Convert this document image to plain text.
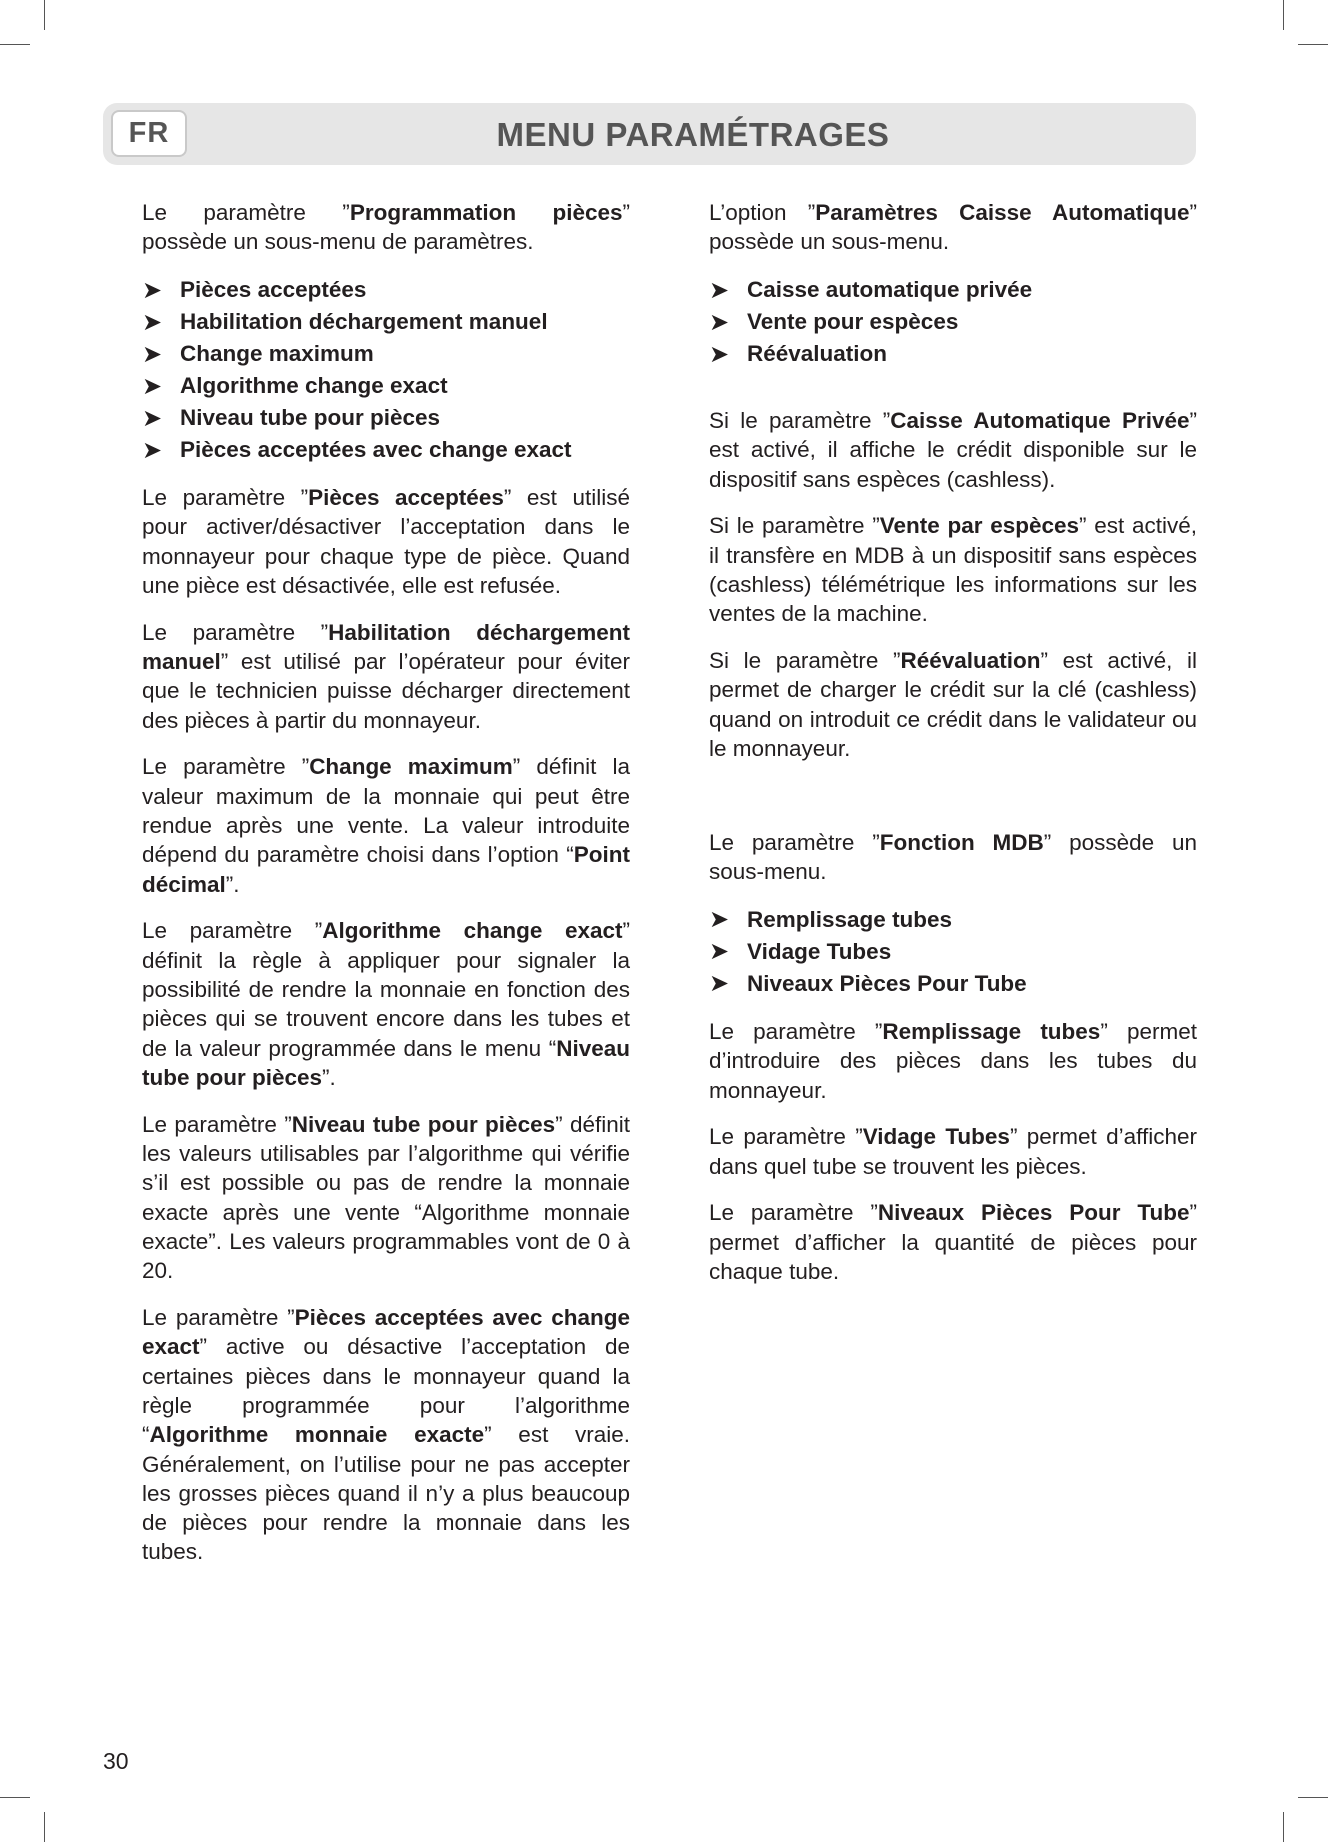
FR	MENU PARAMÉTRAGES

Le paramètre ”Programmation pièces” possède un sous-menu de paramètres.

➤ Pièces acceptées
➤ Habilitation déchargement manuel
➤ Change maximum
➤ Algorithme change exact
➤ Niveau tube pour pièces
➤ Pièces acceptées avec change exact

Le paramètre ”Pièces acceptées” est utilisé pour activer/désactiver l’acceptation dans le monnayeur pour chaque type de pièce. Quand une pièce est désactivée, elle est refusée.

Le paramètre ”Habilitation déchargement manuel” est utilisé par l’opérateur pour éviter que le technicien puisse décharger directement des pièces à partir du monnayeur.

Le paramètre ”Change maximum” définit la valeur maximum de la monnaie qui peut être rendue après une vente. La valeur introduite dépend du paramètre choisi dans l’option “Point décimal”.

Le paramètre ”Algorithme change exact” définit la règle à appliquer pour signaler la possibilité de rendre la monnaie en fonction des pièces qui se trouvent encore dans les tubes et de la valeur programmée dans le menu “Niveau tube pour pièces”.

Le paramètre ”Niveau tube pour pièces” définit les valeurs utilisables par l’algorithme qui vérifie s’il est possible ou pas de rendre la monnaie exacte après une vente “Algorithme monnaie exacte”. Les valeurs programmables vont de 0 à 20.

Le paramètre ”Pièces acceptées avec change exact” active ou désactive l’acceptation de certaines pièces dans le monnayeur quand la règle programmée pour l’algorithme “Algorithme monnaie exacte” est vraie. Généralement, on l’utilise pour ne pas accepter les grosses pièces quand il n’y a plus beaucoup de pièces pour rendre la monnaie dans les tubes.

L’option ”Paramètres Caisse Automatique” possède un sous-menu.

➤ Caisse automatique privée
➤ Vente pour espèces
➤ Réévaluation

Si le paramètre ”Caisse Automatique Privée” est activé, il affiche le crédit disponible sur le dispositif sans espèces (cashless).

Si le paramètre ”Vente par espèces” est activé, il transfère en MDB à un dispositif sans espèces (cashless) télémétrique les informations sur les ventes de la machine.

Si le paramètre ”Réévaluation” est activé, il permet de charger le crédit sur la clé (cashless) quand on introduit ce crédit dans le validateur ou le monnayeur.

Le paramètre ”Fonction MDB” possède un sous-menu.

➤ Remplissage tubes
➤ Vidage Tubes
➤ Niveaux Pièces Pour Tube

Le paramètre ”Remplissage tubes” permet d’introduire des pièces dans les tubes du monnayeur.

Le paramètre ”Vidage Tubes” permet d’afficher dans quel tube se trouvent les pièces.

Le paramètre ”Niveaux Pièces Pour Tube” permet d’afficher la quantité de pièces pour chaque tube.

30
